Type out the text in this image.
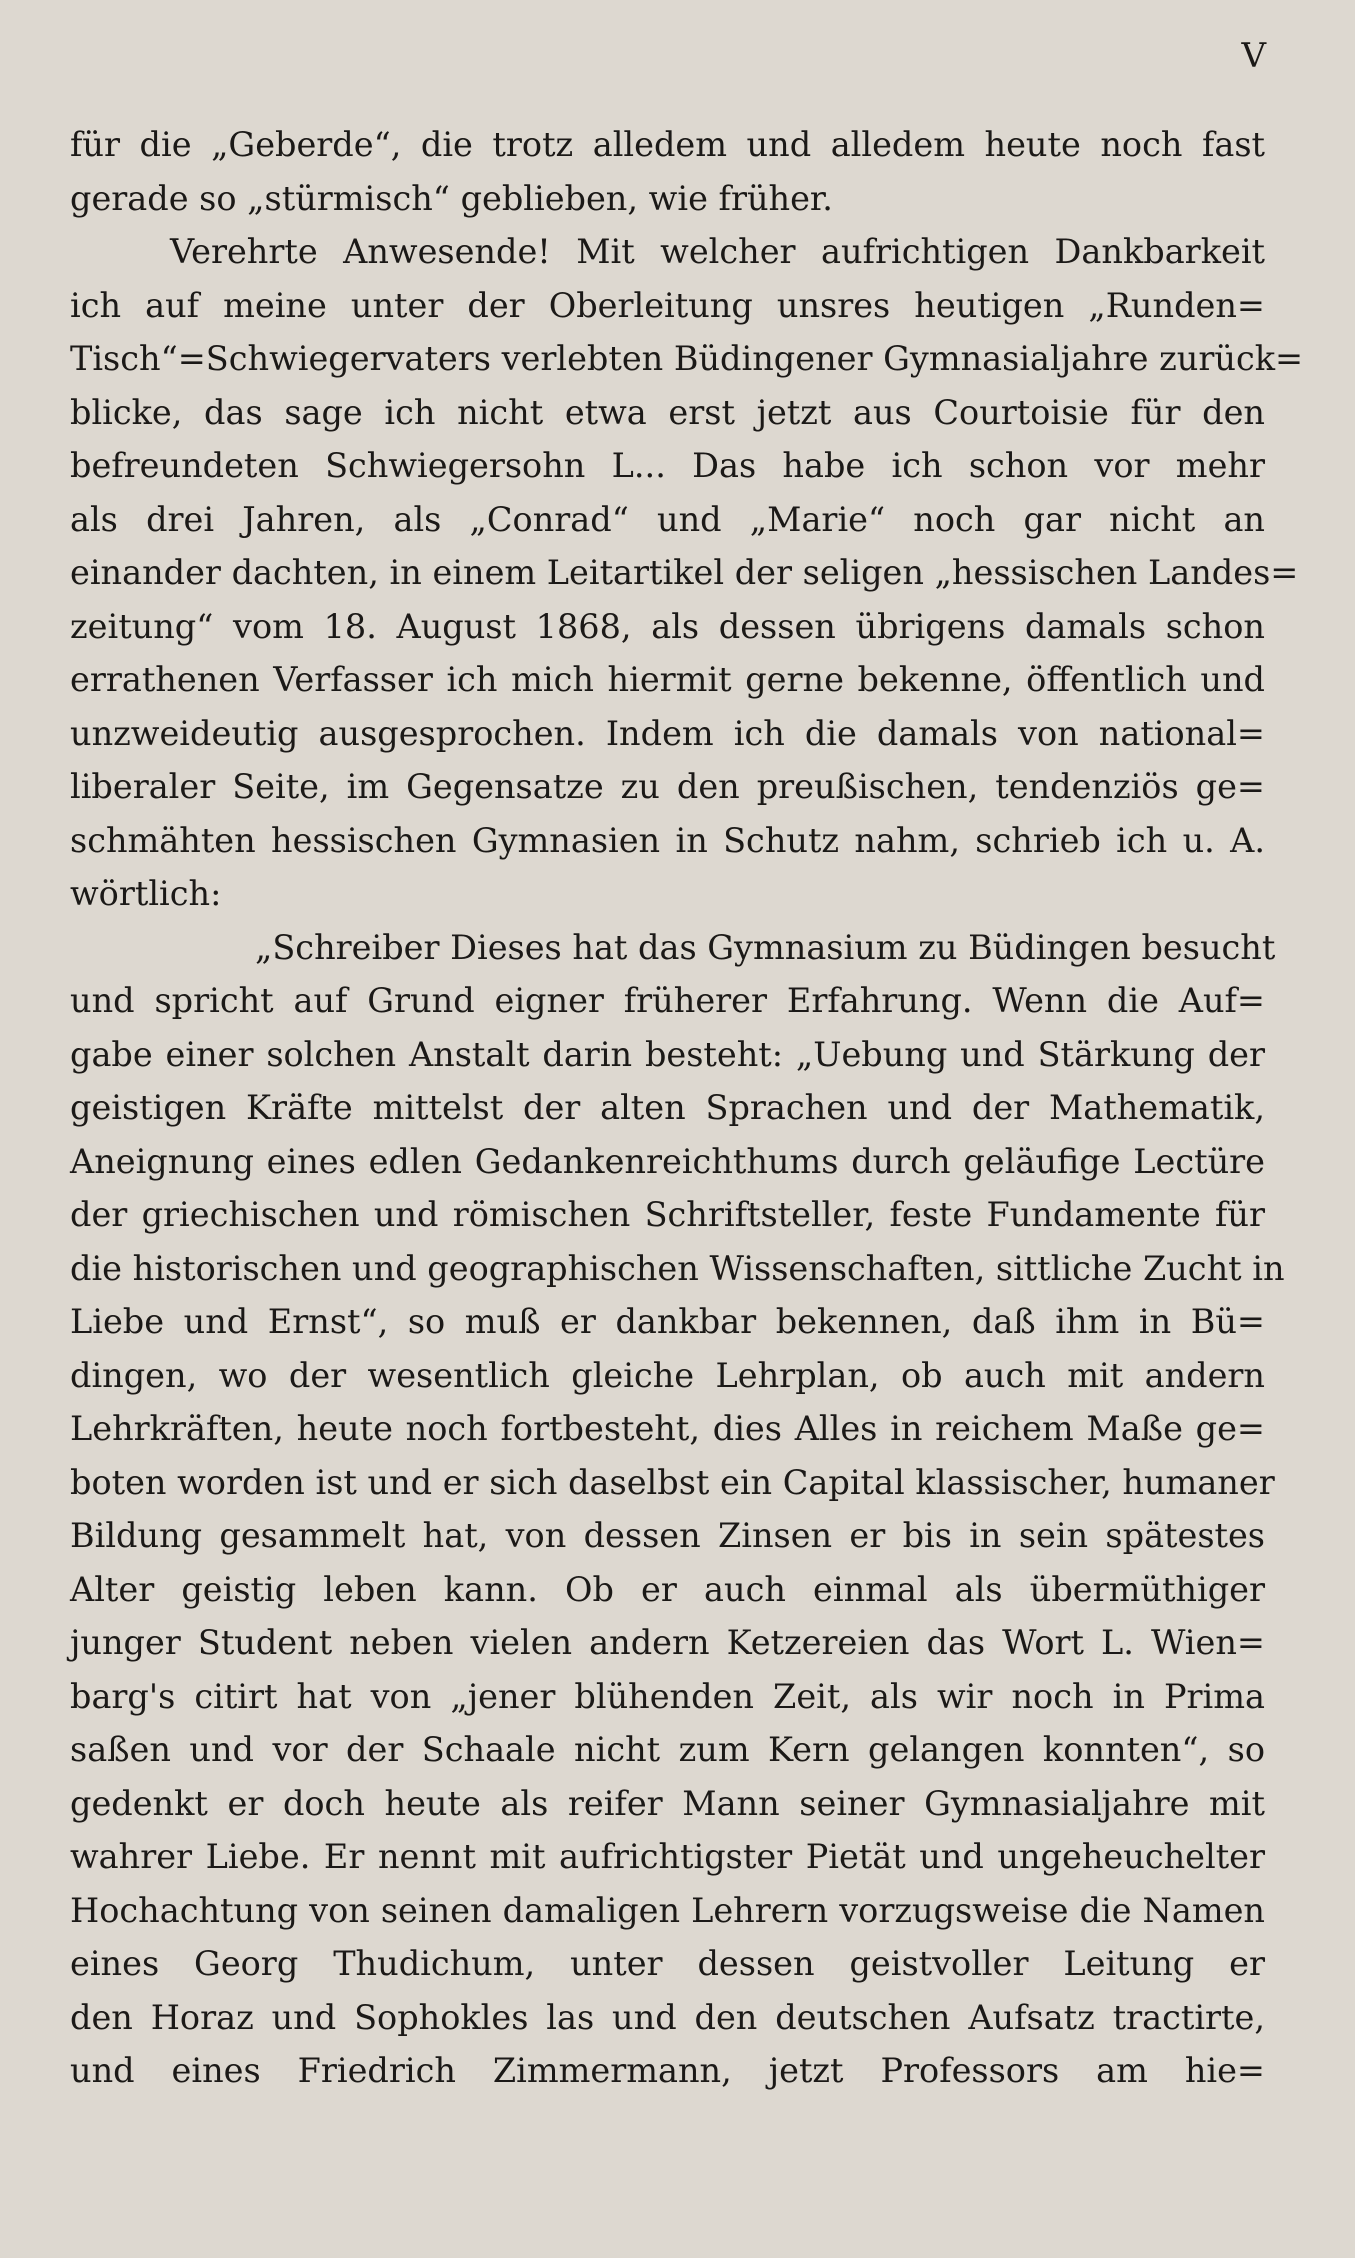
V
für die „Geberde“, die trotz alledem und alledem heute noch fast
gerade so „stürmisch“ geblieben, wie früher.
Verehrte Anwesende! Mit welcher aufrichtigen Dankbarkeit
ich auf meine unter der Oberleitung unsres heutigen „Runden=
Tisch“=Schwiegervaters verlebten Büdingener Gymnasialjahre zurück=
blicke, das sage ich nicht etwa erst jetzt aus Courtoisie für den
befreundeten Schwiegersohn L... Das habe ich schon vor mehr
als drei Jahren, als „Conrad“ und „Marie“ noch gar nicht an
einander dachten, in einem Leitartikel der seligen „hessischen Landes=
zeitung“ vom 18. August 1868, als dessen übrigens damals schon
errathenen Verfasser ich mich hiermit gerne bekenne, öffentlich und
unzweideutig ausgesprochen. Indem ich die damals von national=
liberaler Seite, im Gegensatze zu den preußischen, tendenziös ge=
schmähten hessischen Gymnasien in Schutz nahm, schrieb ich u. A.
wörtlich:
„Schreiber Dieses hat das Gymnasium zu Büdingen besucht
und spricht auf Grund eigner früherer Erfahrung. Wenn die Auf=
gabe einer solchen Anstalt darin besteht: „Uebung und Stärkung der
geistigen Kräfte mittelst der alten Sprachen und der Mathematik,
Aneignung eines edlen Gedankenreichthums durch geläufige Lectüre
der griechischen und römischen Schriftsteller, feste Fundamente für
die historischen und geographischen Wissenschaften, sittliche Zucht in
Liebe und Ernst“, so muß er dankbar bekennen, daß ihm in Bü=
dingen, wo der wesentlich gleiche Lehrplan, ob auch mit andern
Lehrkräften, heute noch fortbesteht, dies Alles in reichem Maße ge=
boten worden ist und er sich daselbst ein Capital klassischer, humaner
Bildung gesammelt hat, von dessen Zinsen er bis in sein spätestes
Alter geistig leben kann. Ob er auch einmal als übermüthiger
junger Student neben vielen andern Ketzereien das Wort L. Wien=
barg's citirt hat von „jener blühenden Zeit, als wir noch in Prima
saßen und vor der Schaale nicht zum Kern gelangen konnten“, so
gedenkt er doch heute als reifer Mann seiner Gymnasialjahre mit
wahrer Liebe. Er nennt mit aufrichtigster Pietät und ungeheuchelter
Hochachtung von seinen damaligen Lehrern vorzugsweise die Namen
eines Georg Thudichum, unter dessen geistvoller Leitung er
den Horaz und Sophokles las und den deutschen Aufsatz tractirte,
und eines Friedrich Zimmermann, jetzt Professors am hie=
